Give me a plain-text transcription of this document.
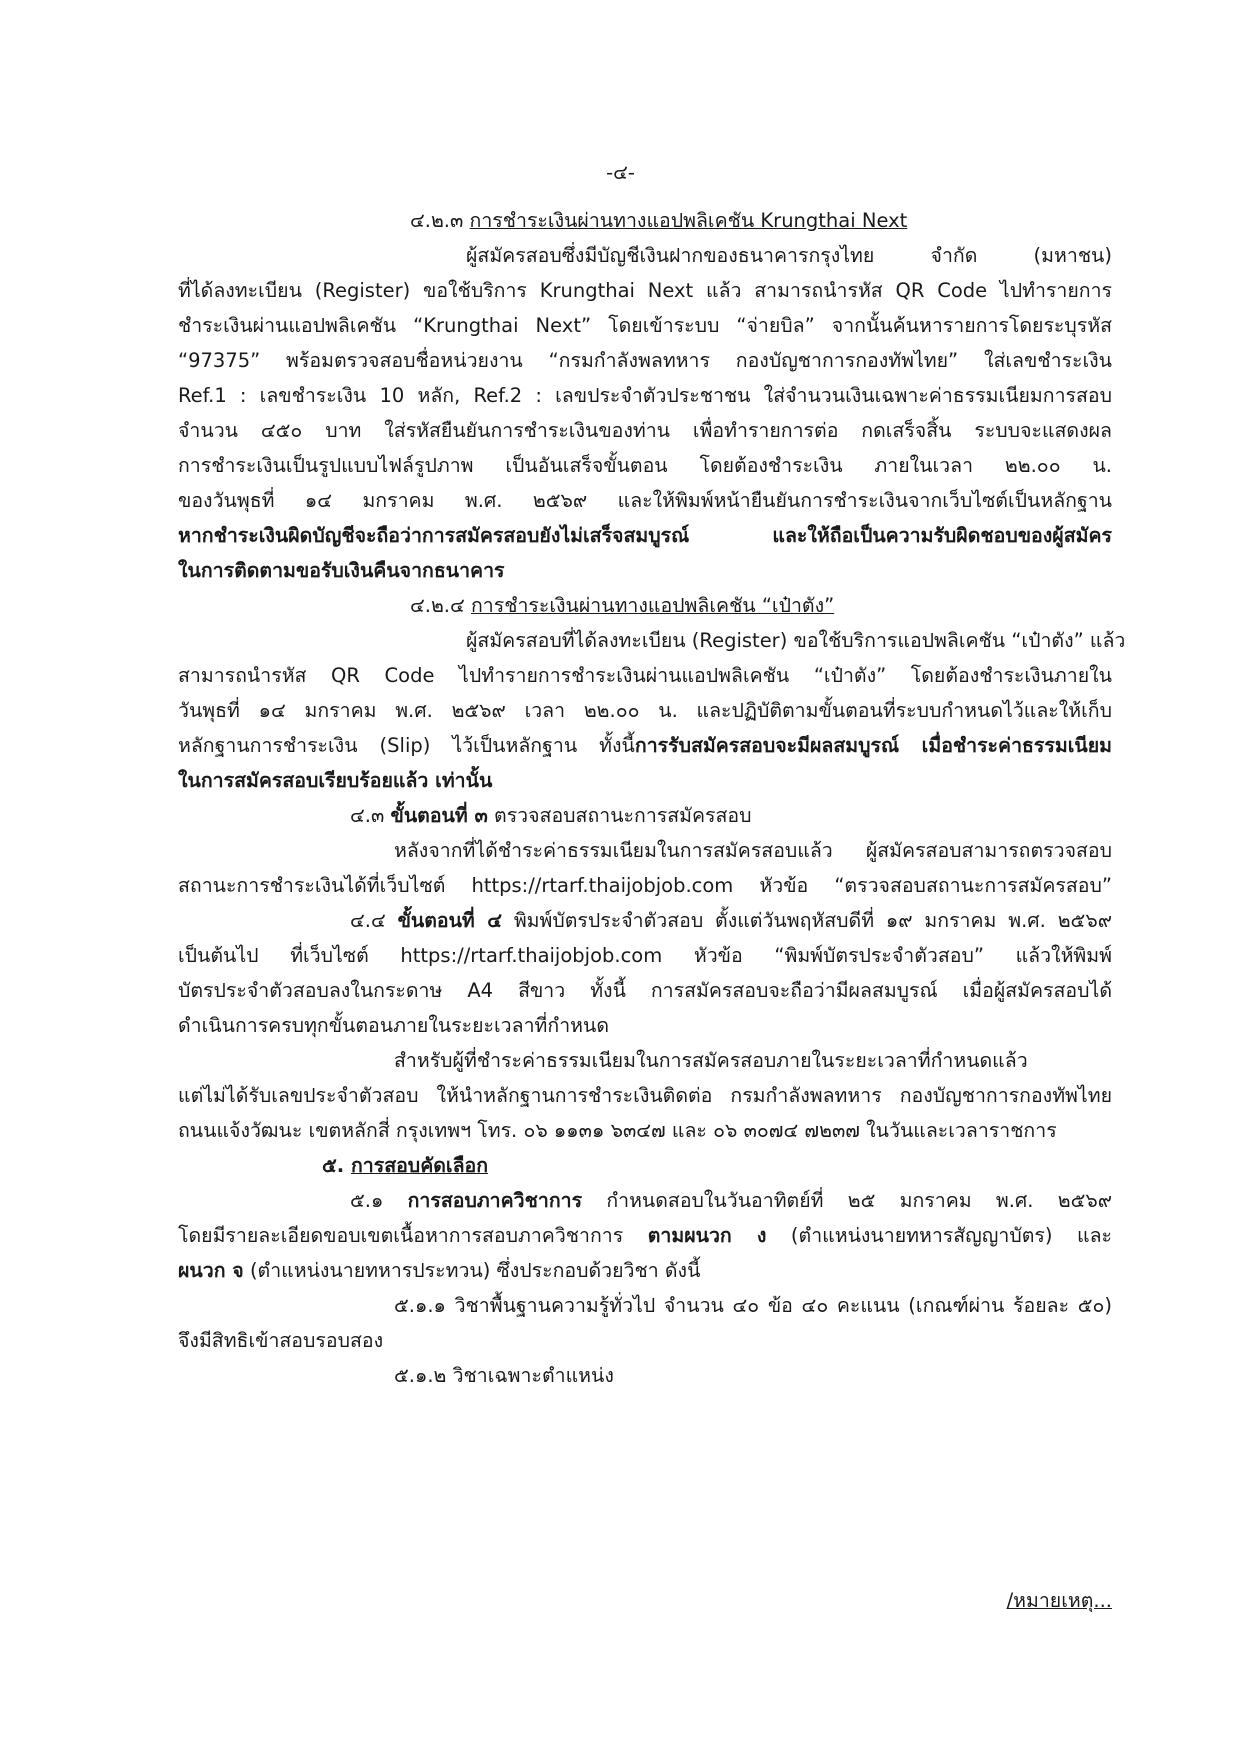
-๔-
๔.๒.๓ การชำระเงินผ่านทางแอปพลิเคชัน Krungthai Next
ผู้สมัครสอบซึ่งมีบัญชีเงินฝากของธนาคารกรุงไทย จำกัด (มหาชน)
ที่ได้ลงทะเบียน (Register) ขอใช้บริการ Krungthai Next แล้ว สามารถนำรหัส QR Code ไปทำรายการ
ชำระเงินผ่านแอปพลิเคชัน “Krungthai Next” โดยเข้าระบบ “จ่ายบิล” จากนั้นค้นหารายการโดยระบุรหัส
“97375” พร้อมตรวจสอบชื่อหน่วยงาน “กรมกำลังพลทหาร กองบัญชาการกองทัพไทย” ใส่เลขชำระเงิน
Ref.1 : เลขชำระเงิน 10 หลัก, Ref.2 : เลขประจำตัวประชาชน ใส่จำนวนเงินเฉพาะค่าธรรมเนียมการสอบ
จำนวน ๔๕๐ บาท ใส่รหัสยืนยันการชำระเงินของท่าน เพื่อทำรายการต่อ กดเสร็จสิ้น ระบบจะแสดงผล
การชำระเงินเป็นรูปแบบไฟล์รูปภาพ เป็นอันเสร็จขั้นตอน โดยต้องชำระเงิน ภายในเวลา ๒๒.๐๐ น.
ของวันพุธที่ ๑๔ มกราคม พ.ศ. ๒๕๖๙ และให้พิมพ์หน้ายืนยันการชำระเงินจากเว็บไซต์เป็นหลักฐาน
หากชำระเงินผิดบัญชีจะถือว่าการสมัครสอบยังไม่เสร็จสมบูรณ์ และให้ถือเป็นความรับผิดชอบของผู้สมัคร
ในการติดตามขอรับเงินคืนจากธนาคาร
๔.๒.๔ การชำระเงินผ่านทางแอปพลิเคชัน “เป๋าตัง”
ผู้สมัครสอบที่ได้ลงทะเบียน (Register) ขอใช้บริการแอปพลิเคชัน “เป๋าตัง” แล้ว
สามารถนำรหัส QR Code ไปทำรายการชำระเงินผ่านแอปพลิเคชัน “เป๋าตัง” โดยต้องชำระเงินภายใน
วันพุธที่ ๑๔ มกราคม พ.ศ. ๒๕๖๙ เวลา ๒๒.๐๐ น. และปฏิบัติตามขั้นตอนที่ระบบกำหนดไว้และให้เก็บ
หลักฐานการชำระเงิน (Slip) ไว้เป็นหลักฐาน ทั้งนี้การรับสมัครสอบจะมีผลสมบูรณ์ เมื่อชำระค่าธรรมเนียม
ในการสมัครสอบเรียบร้อยแล้ว เท่านั้น
๔.๓ ขั้นตอนที่ ๓ ตรวจสอบสถานะการสมัครสอบ
หลังจากที่ได้ชำระค่าธรรมเนียมในการสมัครสอบแล้ว ผู้สมัครสอบสามารถตรวจสอบ
สถานะการชำระเงินได้ที่เว็บไซต์ https://rtarf.thaijobjob.com หัวข้อ “ตรวจสอบสถานะการสมัครสอบ”
๔.๔ ขั้นตอนที่ ๔ พิมพ์บัตรประจำตัวสอบ ตั้งแต่วันพฤหัสบดีที่ ๑๙ มกราคม พ.ศ. ๒๕๖๙
เป็นต้นไป ที่เว็บไซต์ https://rtarf.thaijobjob.com หัวข้อ “พิมพ์บัตรประจำตัวสอบ” แล้วให้พิมพ์
บัตรประจำตัวสอบลงในกระดาษ A4 สีขาว ทั้งนี้ การสมัครสอบจะถือว่ามีผลสมบูรณ์ เมื่อผู้สมัครสอบได้
ดำเนินการครบทุกขั้นตอนภายในระยะเวลาที่กำหนด
สำหรับผู้ที่ชำระค่าธรรมเนียมในการสมัครสอบภายในระยะเวลาที่กำหนดแล้ว
แต่ไม่ได้รับเลขประจำตัวสอบ ให้นำหลักฐานการชำระเงินติดต่อ กรมกำลังพลทหาร กองบัญชาการกองทัพไทย
ถนนแจ้งวัฒนะ เขตหลักสี่ กรุงเทพฯ โทร. ๐๖ ๑๑๓๑ ๖๓๔๗ และ ๐๖ ๓๐๗๔ ๗๒๓๗ ในวันและเวลาราชการ
๕. การสอบคัดเลือก
๕.๑ การสอบภาควิชาการ กำหนดสอบในวันอาทิตย์ที่ ๒๕ มกราคม พ.ศ. ๒๕๖๙
โดยมีรายละเอียดขอบเขตเนื้อหาการสอบภาควิชาการ ตามผนวก ง (ตำแหน่งนายทหารสัญญาบัตร) และ
ผนวก จ (ตำแหน่งนายทหารประทวน) ซึ่งประกอบด้วยวิชา ดังนี้
๕.๑.๑ วิชาพื้นฐานความรู้ทั่วไป จำนวน ๔๐ ข้อ ๔๐ คะแนน (เกณฑ์ผ่าน ร้อยละ ๕๐)
จึงมีสิทธิเข้าสอบรอบสอง
๕.๑.๒ วิชาเฉพาะตำแหน่ง
/หมายเหตุ...
